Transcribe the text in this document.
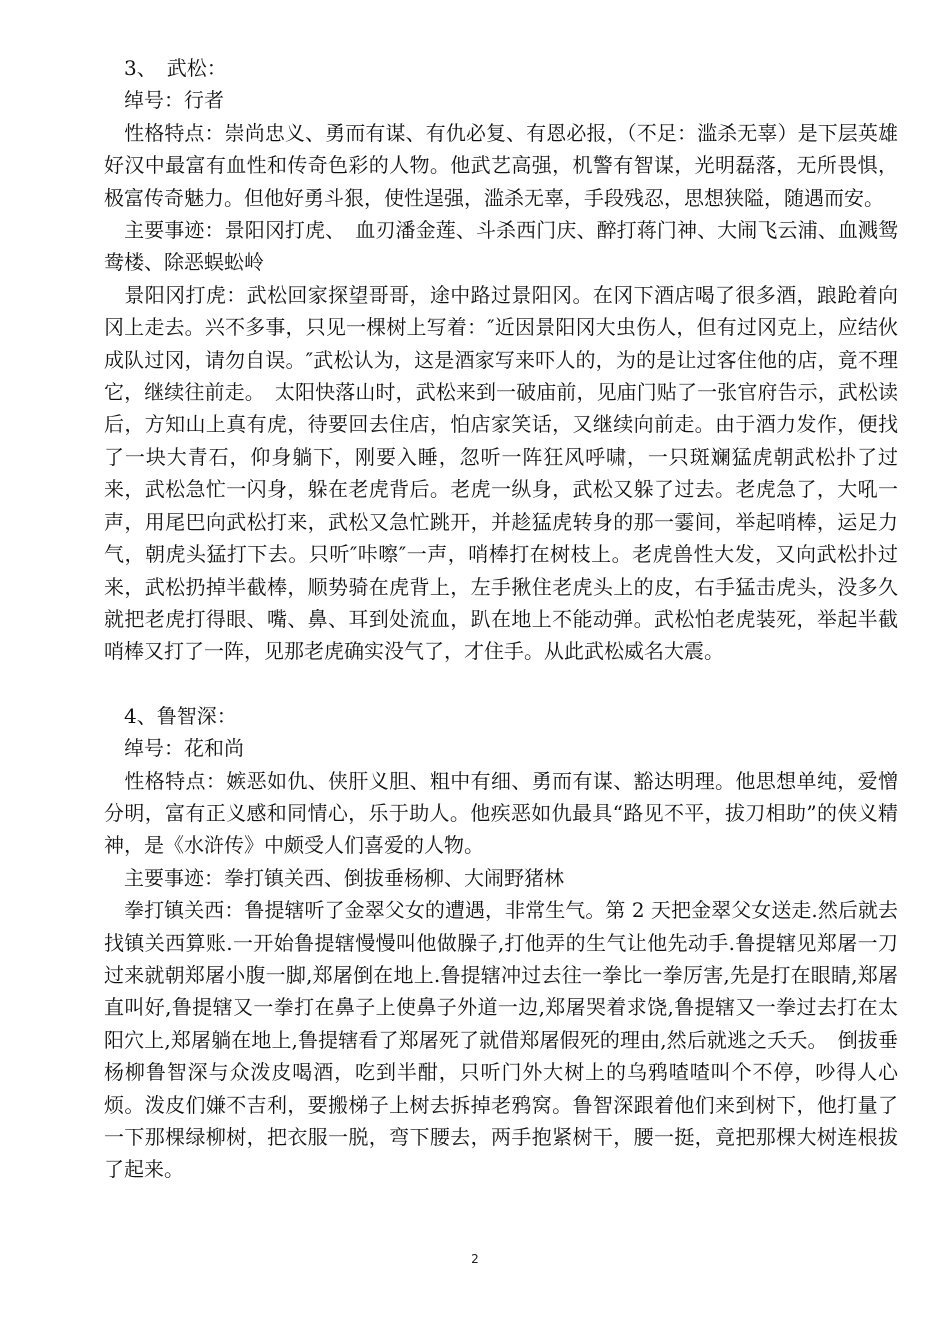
　3、　武松：

　绰号：行者

　性格特点：崇尚忠义、勇而有谋、有仇必复、有恩必报，（不足：滥杀无辜）是下层英雄好汉中最富有血性和传奇色彩的人物。他武艺高强，机警有智谋，光明磊落，无所畏惧，极富传奇魅力。但他好勇斗狠，使性逞强，滥杀无辜，手段残忍，思想狭隘，随遇而安。

　主要事迹：景阳冈打虎、　血刃潘金莲、斗杀西门庆、醉打蒋门神、大闹飞云浦、血溅鸳鸯楼、除恶蜈蚣岭

　景阳冈打虎：武松回家探望哥哥，途中路过景阳冈。在冈下酒店喝了很多酒，踉跄着向冈上走去。兴不多事，只见一棵树上写着：″近因景阳冈大虫伤人，但有过冈克上，应结伙成队过冈，请勿自误。″武松认为，这是酒家写来吓人的，为的是让过客住他的店，竟不理它，继续往前走。　太阳快落山时，武松来到一破庙前，见庙门贴了一张官府告示，武松读后，方知山上真有虎，待要回去住店，怕店家笑话，又继续向前走。由于酒力发作，便找了一块大青石，仰身躺下，刚要入睡，忽听一阵狂风呼啸，一只斑斓猛虎朝武松扑了过来，武松急忙一闪身，躲在老虎背后。老虎一纵身，武松又躲了过去。老虎急了，大吼一声，用尾巴向武松打来，武松又急忙跳开，并趁猛虎转身的那一霎间，举起哨棒，运足力气，朝虎头猛打下去。只听″咔嚓″一声，哨棒打在树枝上。老虎兽性大发，又向武松扑过来，武松扔掉半截棒，顺势骑在虎背上，左手揪住老虎头上的皮，右手猛击虎头，没多久就把老虎打得眼、嘴、鼻、耳到处流血，趴在地上不能动弹。武松怕老虎装死，举起半截哨棒又打了一阵，见那老虎确实没气了，才住手。从此武松威名大震。

　4、鲁智深：

　绰号：花和尚

　性格特点：嫉恶如仇、侠肝义胆、粗中有细、勇而有谋、豁达明理。他思想单纯，爱憎分明，富有正义感和同情心，乐于助人。他疾恶如仇最具“路见不平，拔刀相助”的侠义精神，是《水浒传》中颇受人们喜爱的人物。

　主要事迹：拳打镇关西、倒拔垂杨柳、大闹野猪林

　拳打镇关西：鲁提辖听了金翠父女的遭遇，非常生气。第 2 天把金翠父女送走.然后就去找镇关西算账.一开始鲁提辖慢慢叫他做臊子,打他弄的生气让他先动手.鲁提辖见郑屠一刀过来就朝郑屠小腹一脚,郑屠倒在地上.鲁提辖冲过去往一拳比一拳厉害,先是打在眼睛,郑屠直叫好,鲁提辖又一拳打在鼻子上使鼻子外道一边,郑屠哭着求饶,鲁提辖又一拳过去打在太阳穴上,郑屠躺在地上,鲁提辖看了郑屠死了就借郑屠假死的理由,然后就逃之夭夭。　倒拔垂杨柳鲁智深与众泼皮喝酒，吃到半酣，只听门外大树上的乌鸦喳喳叫个不停，吵得人心烦。泼皮们嫌不吉利，要搬梯子上树去拆掉老鸦窝。鲁智深跟着他们来到树下，他打量了一下那棵绿柳树，把衣服一脱，弯下腰去，两手抱紧树干，腰一挺，竟把那棵大树连根拔了起来。

2
